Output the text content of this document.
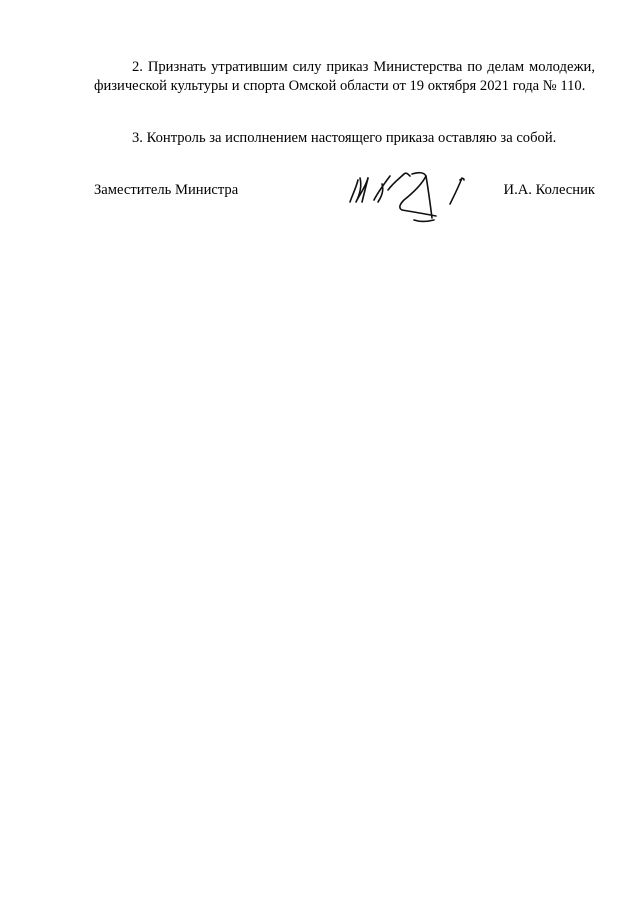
2. Признать утратившим силу приказ Министерства по делам молодежи, физической культуры и спорта Омской области от 19 октября 2021 года № 110.

3. Контроль за исполнением настоящего приказа оставляю за собой.

Заместитель Министра	И.А. Колесник
